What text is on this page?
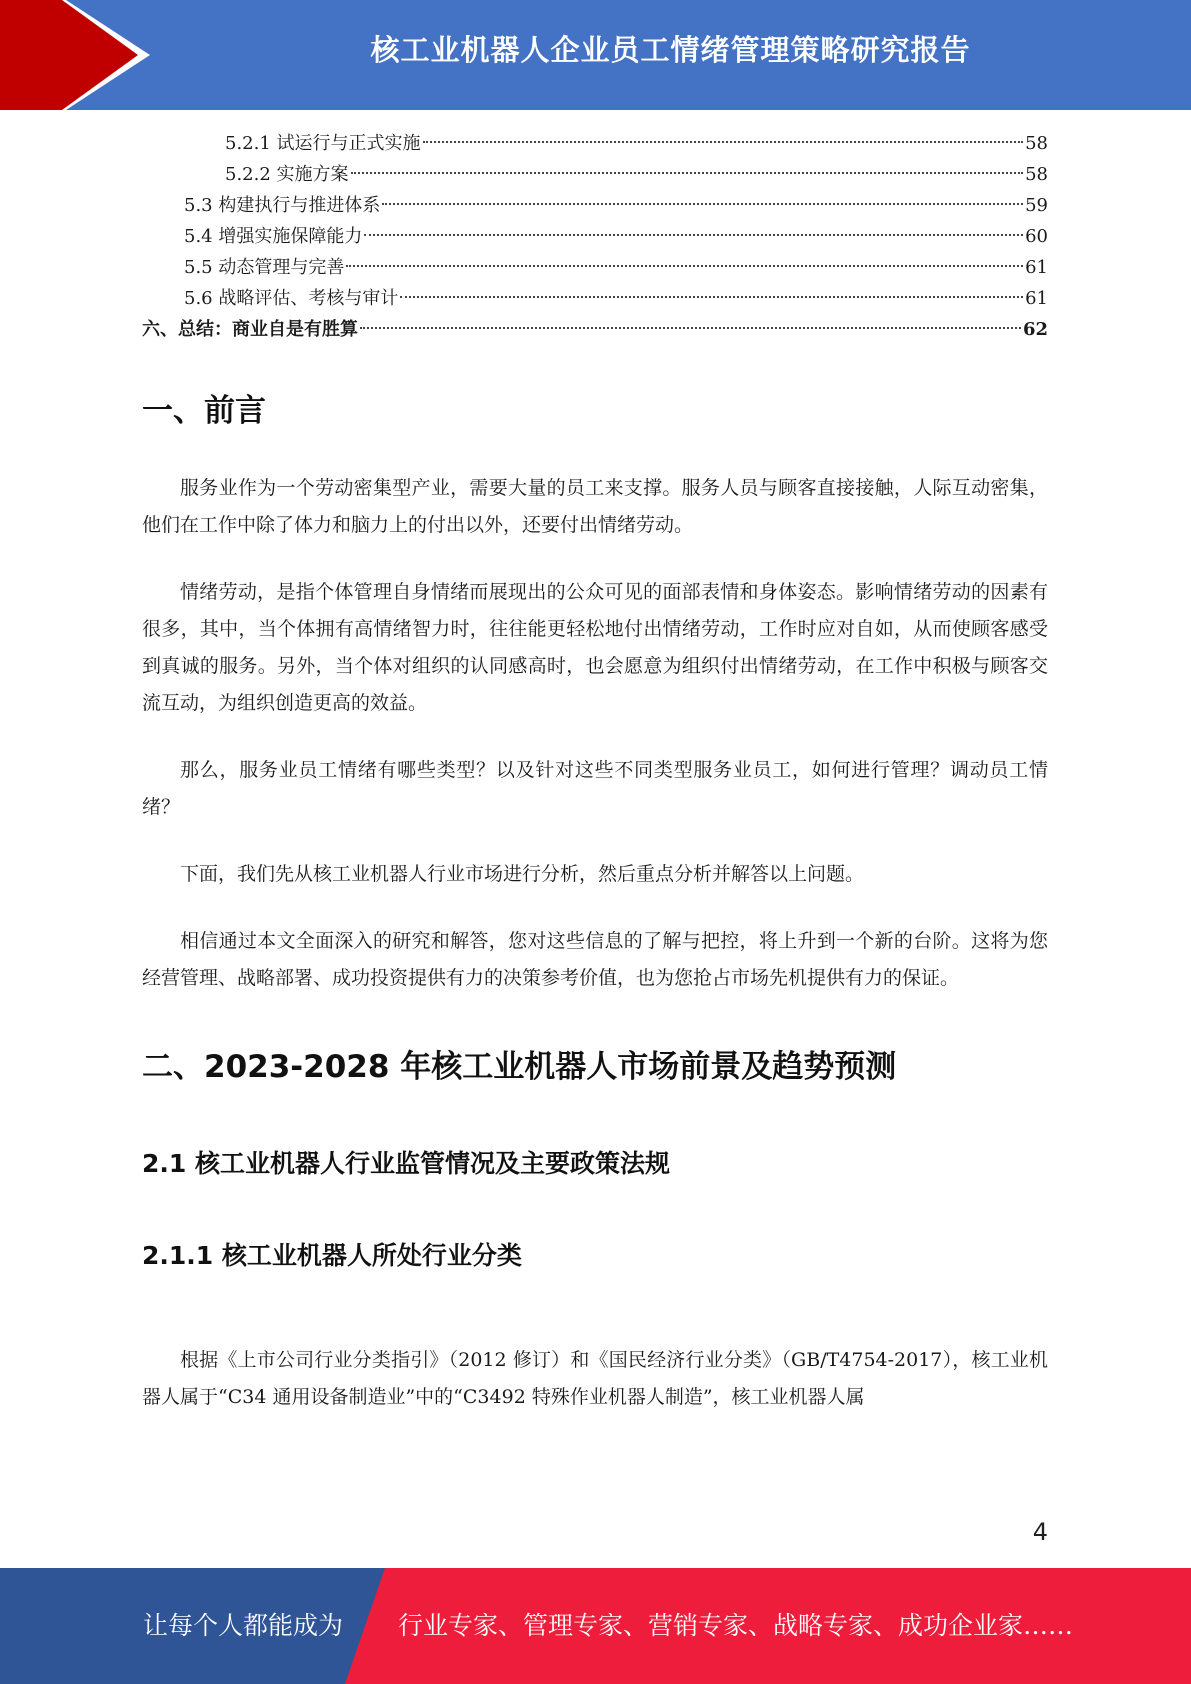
核工业机器人企业员工情绪管理策略研究报告
5.2.1 试运行与正式实施	58
5.2.2 实施方案	58
5.3 构建执行与推进体系	59
5.4 增强实施保障能力	60
5.5 动态管理与完善	61
5.6 战略评估、考核与审计	61
六、总结：商业自是有胜算	62
一、前言

服务业作为一个劳动密集型产业，需要大量的员工来支撑。服务人员与顾客直接接触，人际互动密集，他们在工作中除了体力和脑力上的付出以外，还要付出情绪劳动。

情绪劳动，是指个体管理自身情绪而展现出的公众可见的面部表情和身体姿态。影响情绪劳动的因素有很多，其中，当个体拥有高情绪智力时，往往能更轻松地付出情绪劳动，工作时应对自如，从而使顾客感受到真诚的服务。另外，当个体对组织的认同感高时，也会愿意为组织付出情绪劳动，在工作中积极与顾客交流互动，为组织创造更高的效益。

那么，服务业员工情绪有哪些类型？以及针对这些不同类型服务业员工，如何进行管理？调动员工情绪？

下面，我们先从核工业机器人行业市场进行分析，然后重点分析并解答以上问题。

相信通过本文全面深入的研究和解答，您对这些信息的了解与把控，将上升到一个新的台阶。这将为您经营管理、战略部署、成功投资提供有力的决策参考价值，也为您抢占市场先机提供有力的保证。

二、2023-2028 年核工业机器人市场前景及趋势预测
2.1 核工业机器人行业监管情况及主要政策法规
2.1.1 核工业机器人所处行业分类

根据《上市公司行业分类指引》（2012 修订）和《国民经济行业分类》（GB/T4754-2017），核工业机器人属于“C34 通用设备制造业”中的“C3492 特殊作业机器人制造”，核工业机器人属

4
让每个人都能成为 行业专家、管理专家、营销专家、战略专家、成功企业家……
